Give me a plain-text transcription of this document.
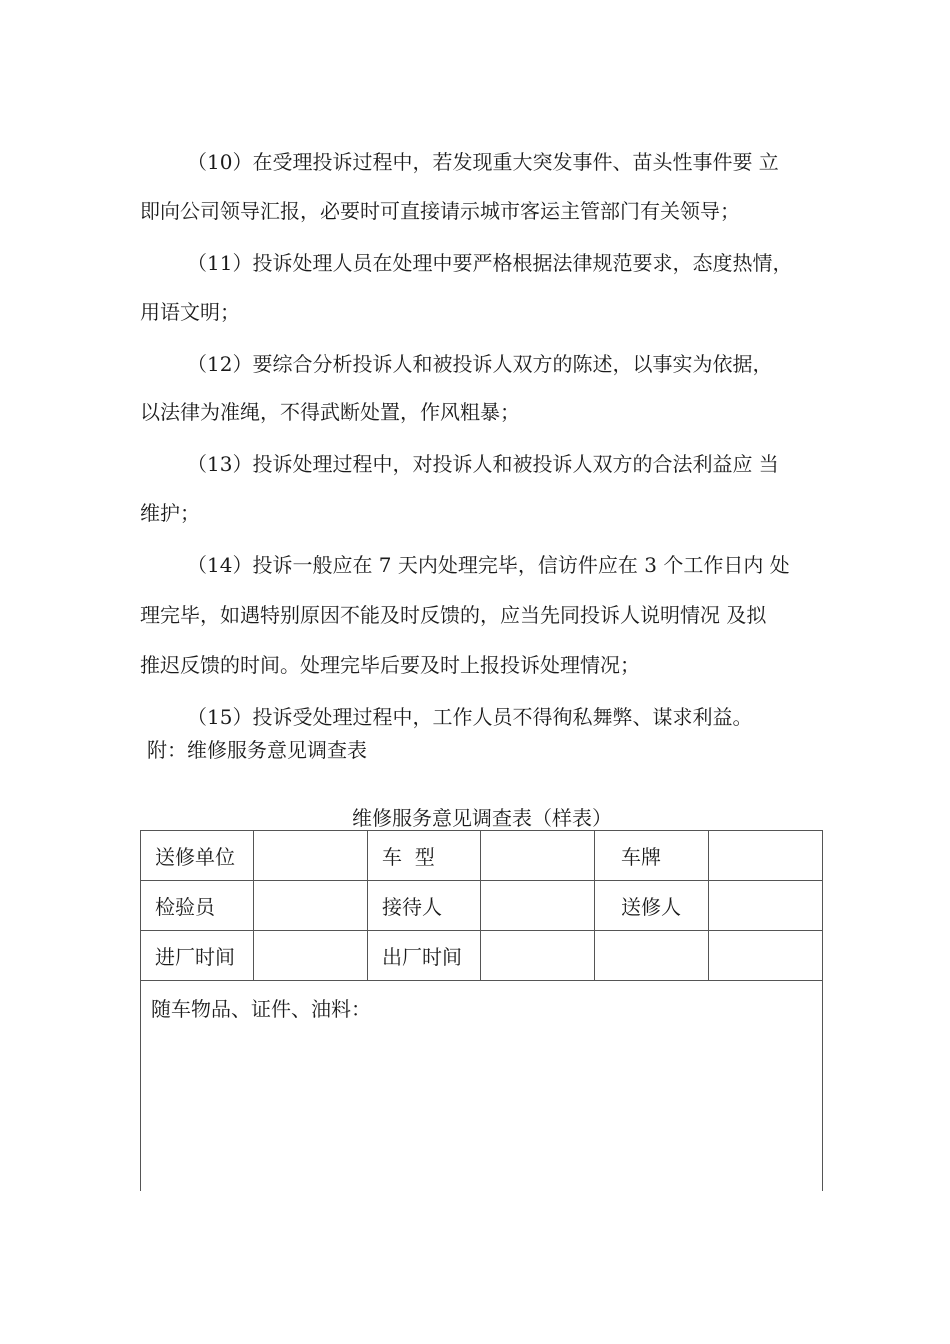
（10）在受理投诉过程中，若发现重大突发事件、苗头性事件要 立
即向公司领导汇报，必要时可直接请示城市客运主管部门有关领导；
（11）投诉处理人员在处理中要严格根据法律规范要求，态度热情，
用语文明；
（12）要综合分析投诉人和被投诉人双方的陈述，以事实为依据，
以法律为准绳，不得武断处置，作风粗暴；
（13）投诉处理过程中，对投诉人和被投诉人双方的合法利益应 当
维护；
（14）投诉一般应在 7 天内处理完毕，信访件应在 3 个工作日内 处
理完毕，如遇特别原因不能及时反馈的，应当先同投诉人说明情况 及拟
推迟反馈的时间。处理完毕后要及时上报投诉处理情况；
（15）投诉受处理过程中，工作人员不得徇私舞弊、谋求利益。
附：维修服务意见调查表
维修服务意见调查表（样表）
送修单位		车  型		车牌	
检验员		接待人		送修人	
进厂时间		出厂时间			
随车物品、证件、油料：					
